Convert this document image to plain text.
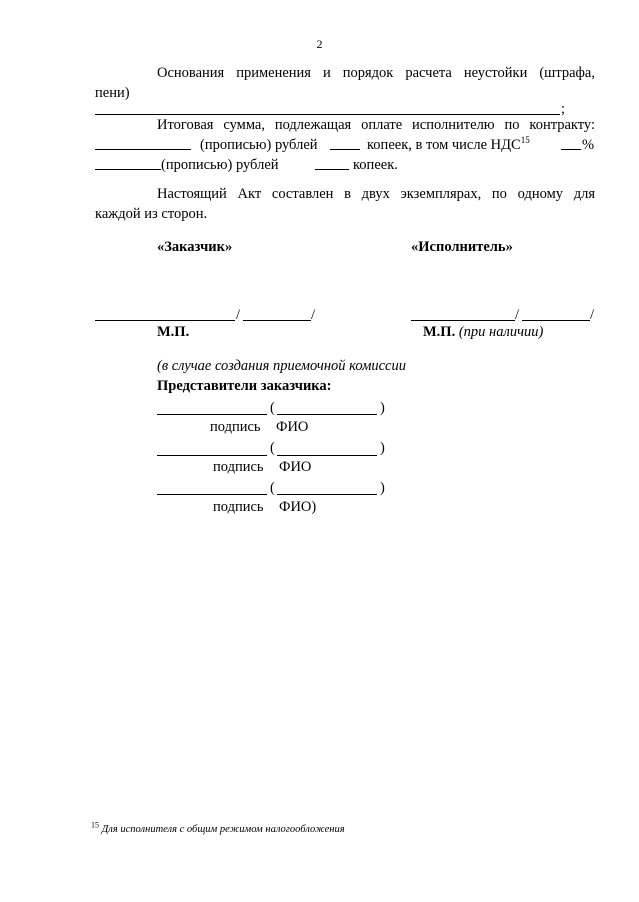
2
Основания применения и порядок расчета неустойки (штрафа,
пени)
;
Итоговая сумма, подлежащая оплате исполнителю по контракту:
(прописью) рублей	копеек, в том числе НДС$^{15}$	%
(прописью) рублей	копеек.
Настоящий Акт составлен в двух экземплярах, по одному для
каждой из сторон.
«Заказчик»	«Исполнитель»
/	/
М.П.
/	/
М.П. (при наличии)
(в случае создания приемочной комиссии
Представители заказчика:
(	)
подпись ФИО
(	)
подпись ФИО
(	)
подпись ФИО)
$^{15}$ Для исполнителя с общим режимом налогообложения
